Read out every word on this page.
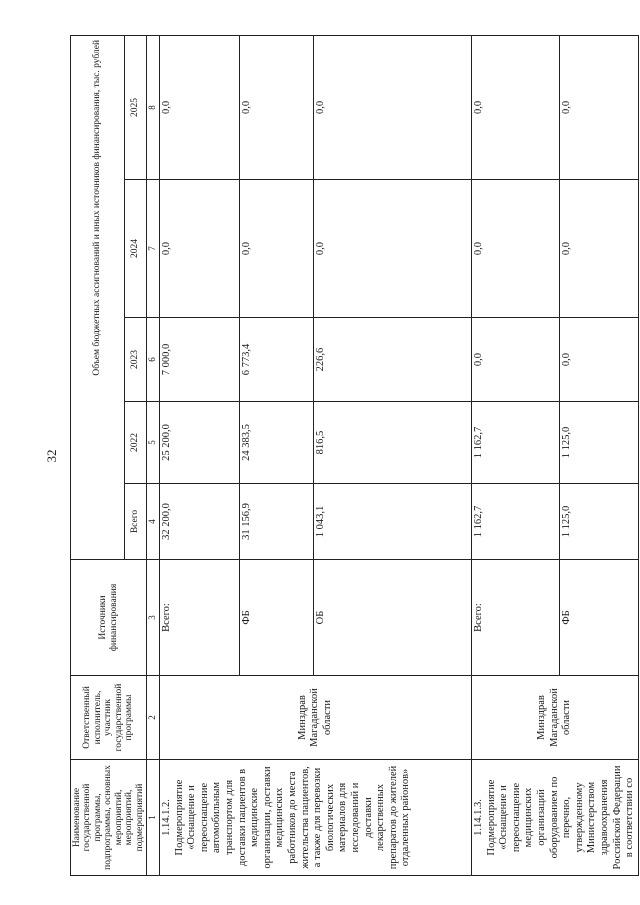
32
Наименование государственной программы, подпрограммы, основных мероприятий, мероприятий, подмероприятий	Ответственный исполнитель, участник государственной программы	Источники финансирования	Объем бюджетных ассигнований и иных источников финансирования, тыс. рублей				
			Всего	2022	2023	2024	2025
1	2	3	4	5	6	7	8
1.14.1.2. Подмероприятие «Оснащение и переоснащение автомобильным транспортом для доставки пациентов в медицинские организации, доставки медицинских работников до места жительства пациентов, а также для перевозки биологических материалов для исследований и доставки лекарственных препаратов до жителей отдаленных районов»	Минздрав Магаданской области	Всего:	32 200,0	25 200,0	7 000,0	0,0	0,0
		ФБ	31 156,9	24 383,5	6 773,4	0,0	0,0
		ОБ	1 043,1	816,5	226,6	0,0	0,0
1.14.1.3. Подмероприятие «Оснащение и переоснащение медицинских организаций оборудованием по перечню, утвержденному Министерством здравоохранения Российской Федерации в соответствии со	Минздрав Магаданской области	Всего:	1 162,7	1 162,7	0,0	0,0	0,0
		ФБ	1 125,0	1 125,0	0,0	0,0	0,0
